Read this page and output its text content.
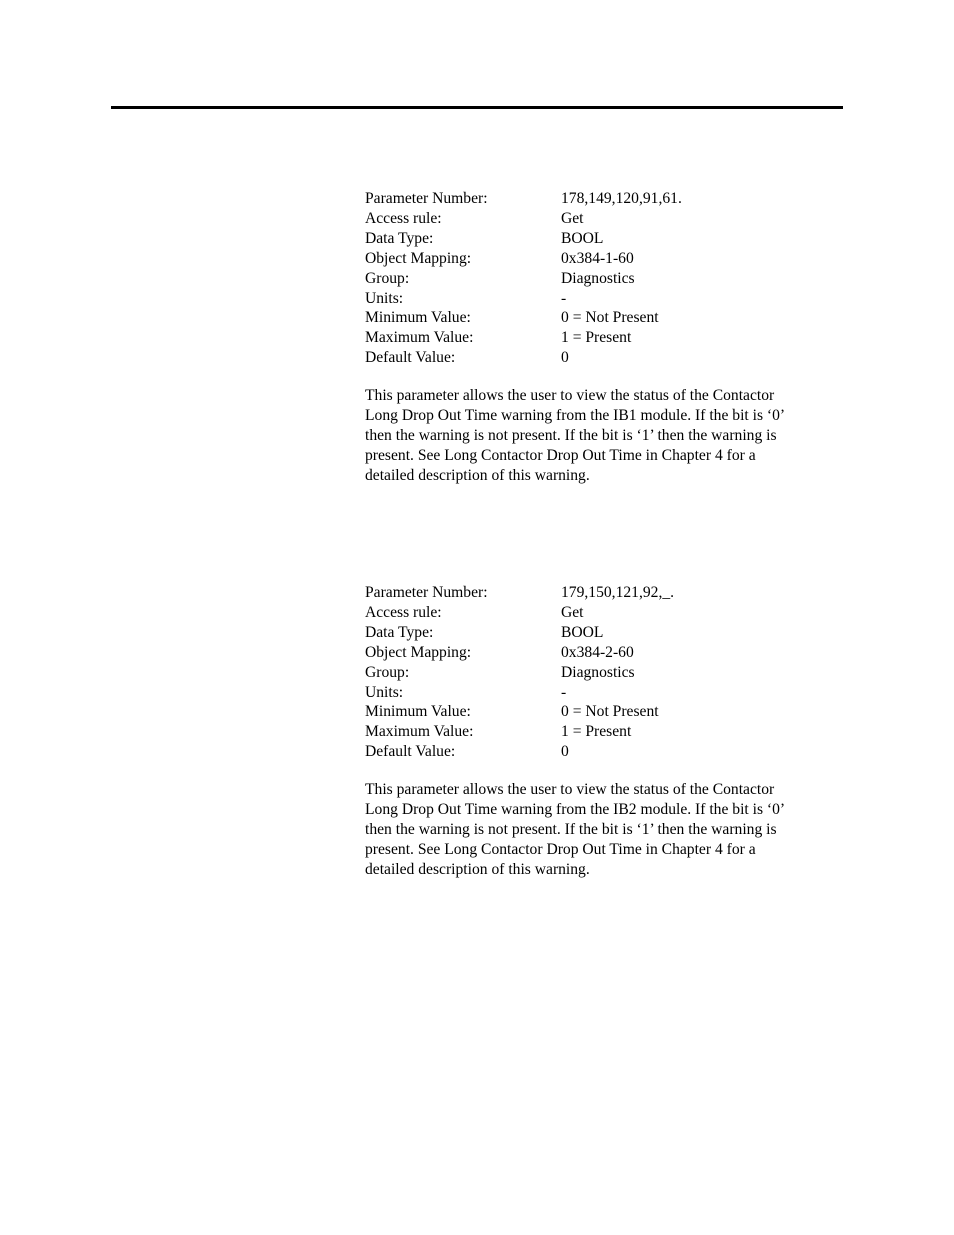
Parameter Number:	178,149,120,91,61.
Access rule:	Get
Data Type:	BOOL
Object Mapping:	0x384-1-60
Group:	Diagnostics
Units:	-
Minimum Value:	0 = Not Present
Maximum Value:	1 = Present
Default Value:	0

This parameter allows the user to view the status of the Contactor
Long Drop Out Time warning from the IB1 module. If the bit is ‘0’
then the warning is not present. If the bit is ‘1’ then the warning is
present. See Long Contactor Drop Out Time in Chapter 4 for a
detailed description of this warning.

Parameter Number:	179,150,121,92,_.
Access rule:	Get
Data Type:	BOOL
Object Mapping:	0x384-2-60
Group:	Diagnostics
Units:	-
Minimum Value:	0 = Not Present
Maximum Value:	1 = Present
Default Value:	0

This parameter allows the user to view the status of the Contactor
Long Drop Out Time warning from the IB2 module. If the bit is ‘0’
then the warning is not present. If the bit is ‘1’ then the warning is
present. See Long Contactor Drop Out Time in Chapter 4 for a
detailed description of this warning.
